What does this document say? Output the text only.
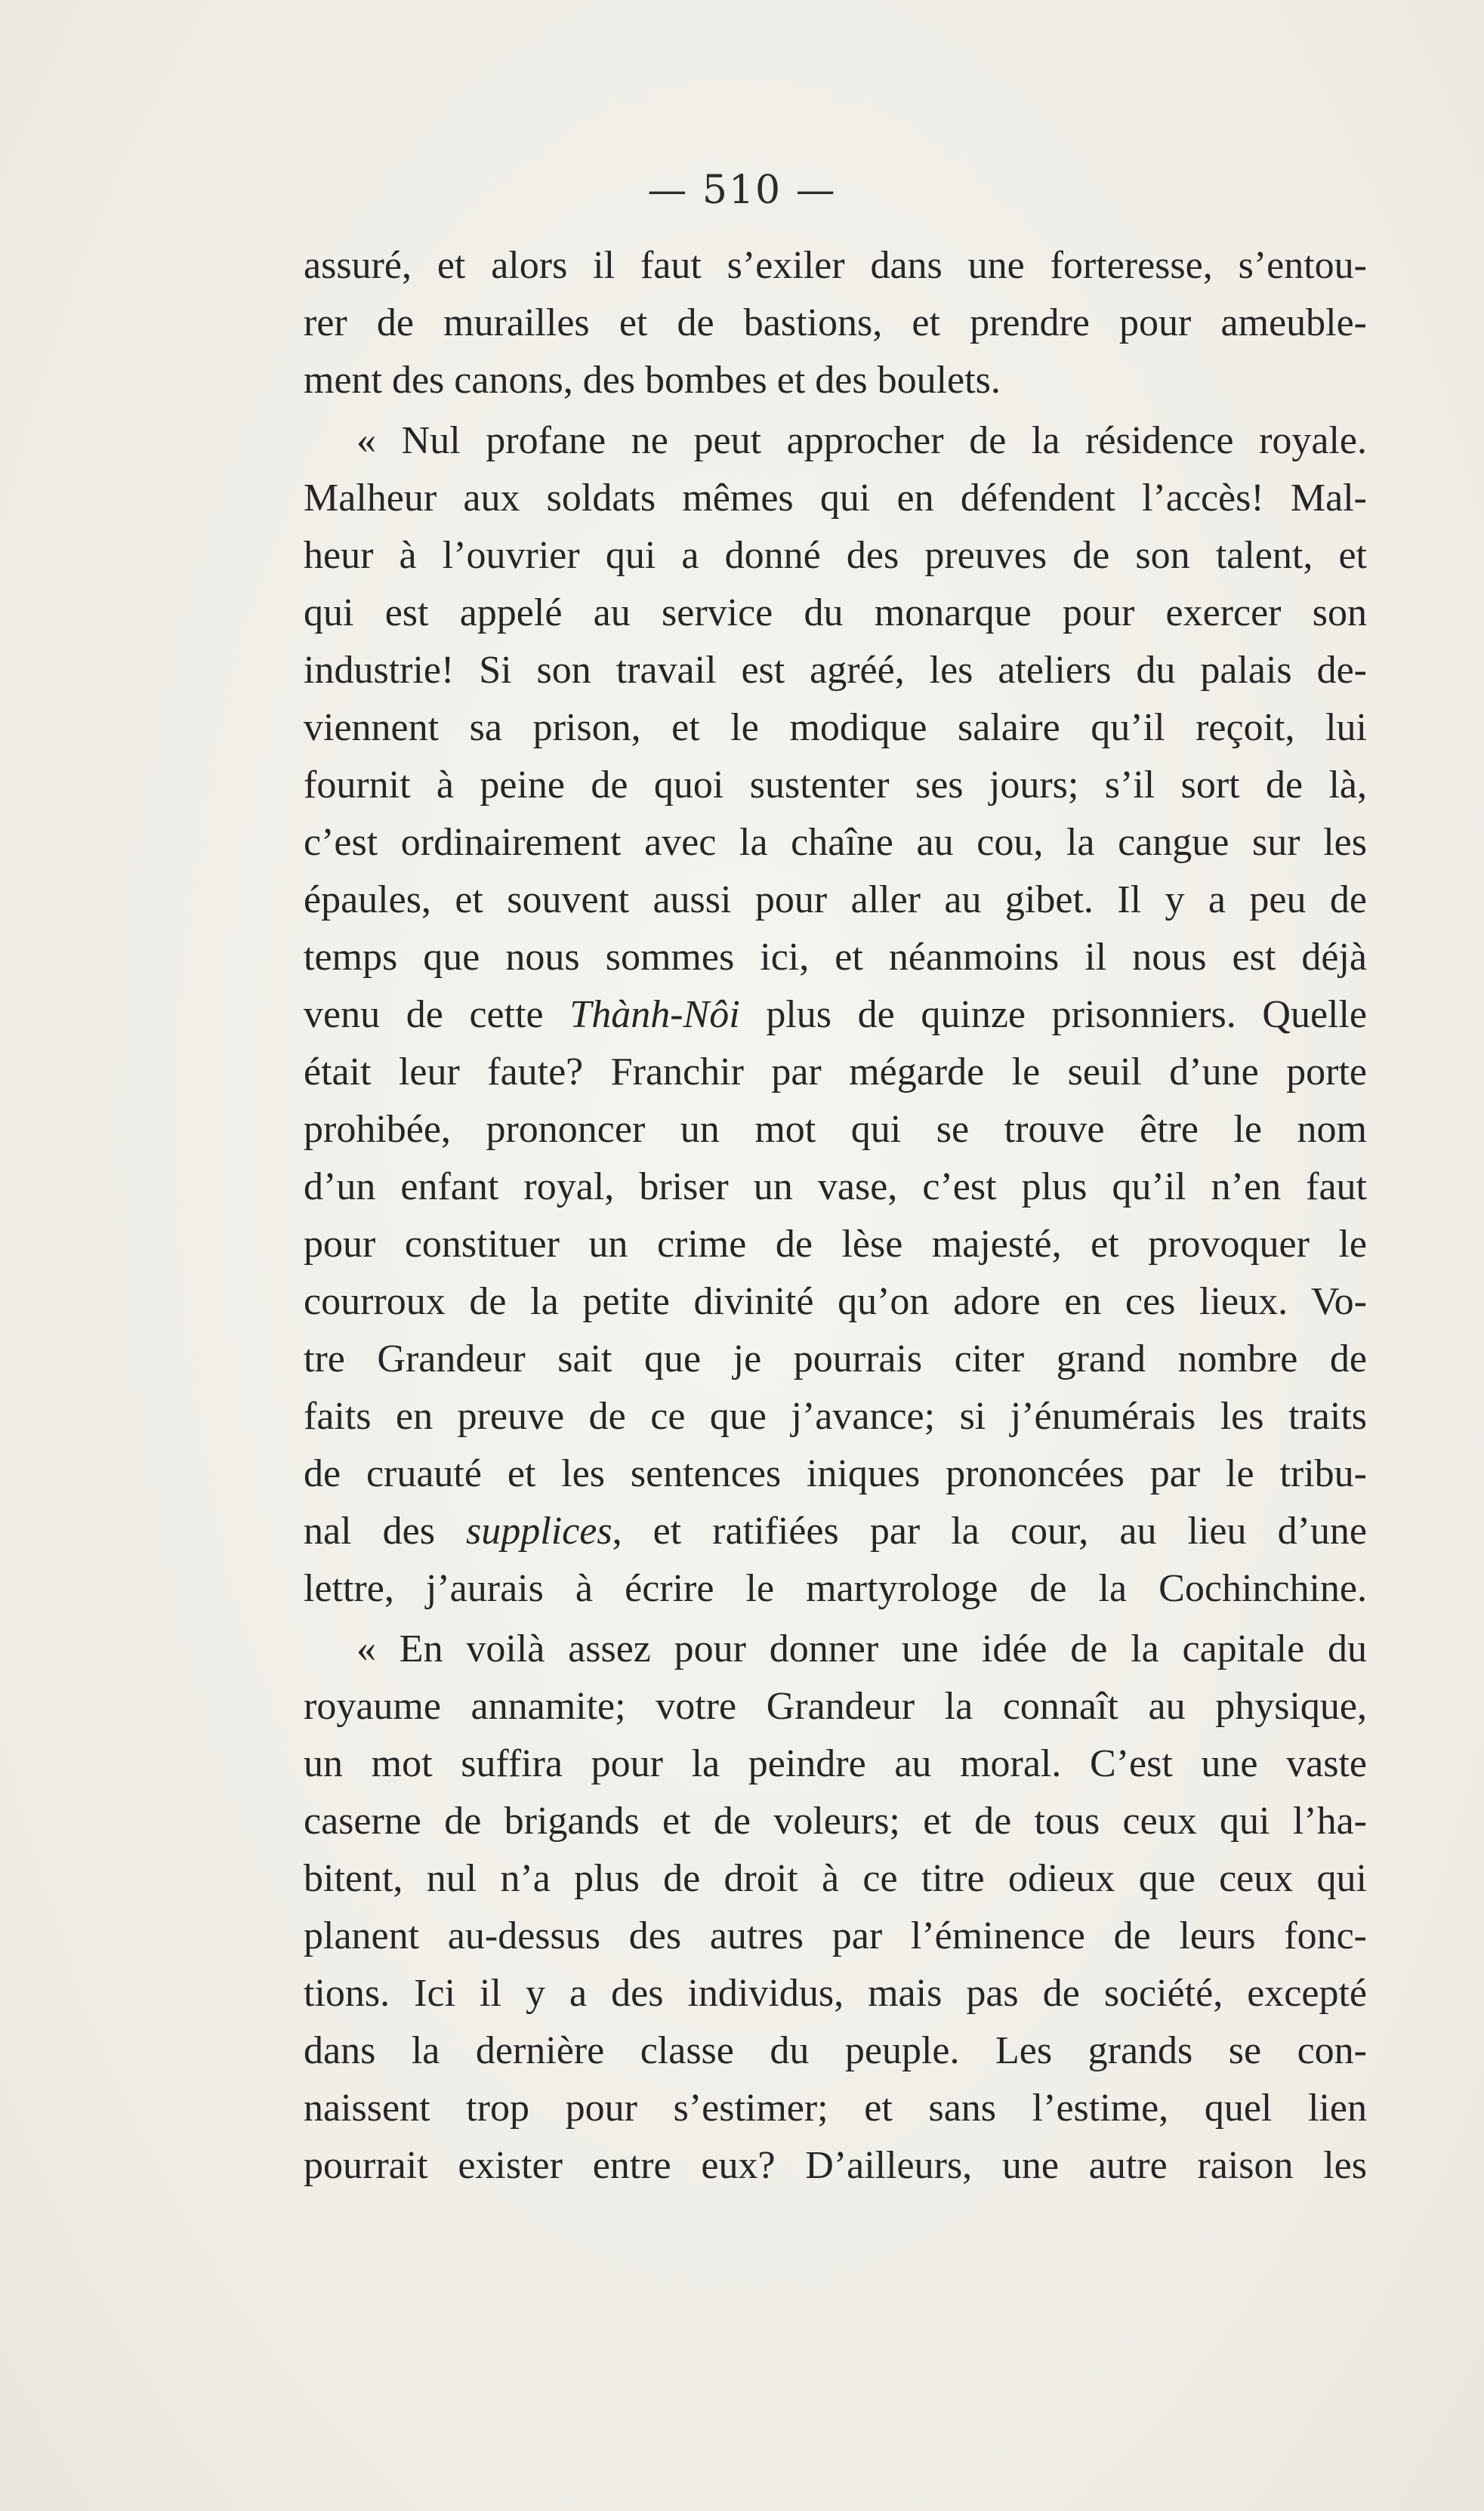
— 510 —
assuré, et alors il faut s’exiler dans une forteresse, s’entou-
rer de murailles et de bastions, et prendre pour ameuble-
ment des canons, des bombes et des boulets.
« Nul profane ne peut approcher de la résidence royale.
Malheur aux soldats mêmes qui en défendent l’accès! Mal-
heur à l’ouvrier qui a donné des preuves de son talent, et
qui est appelé au service du monarque pour exercer son
industrie! Si son travail est agréé, les ateliers du palais de-
viennent sa prison, et le modique salaire qu’il reçoit, lui
fournit à peine de quoi sustenter ses jours; s’il sort de là,
c’est ordinairement avec la chaîne au cou, la cangue sur les
épaules, et souvent aussi pour aller au gibet. Il y a peu de
temps que nous sommes ici, et néanmoins il nous est déjà
venu de cette Thành-Nôi plus de quinze prisonniers. Quelle
était leur faute? Franchir par mégarde le seuil d’une porte
prohibée, prononcer un mot qui se trouve être le nom
d’un enfant royal, briser un vase, c’est plus qu’il n’en faut
pour constituer un crime de lèse majesté, et provoquer le
courroux de la petite divinité qu’on adore en ces lieux. Vo-
tre Grandeur sait que je pourrais citer grand nombre de
faits en preuve de ce que j’avance; si j’énumérais les traits
de cruauté et les sentences iniques prononcées par le tribu-
nal des supplices, et ratifiées par la cour, au lieu d’une
lettre, j’aurais à écrire le martyrologe de la Cochinchine.
« En voilà assez pour donner une idée de la capitale du
royaume annamite; votre Grandeur la connaît au physique,
un mot suffira pour la peindre au moral. C’est une vaste
caserne de brigands et de voleurs; et de tous ceux qui l’ha-
bitent, nul n’a plus de droit à ce titre odieux que ceux qui
planent au-dessus des autres par l’éminence de leurs fonc-
tions. Ici il y a des individus, mais pas de société, excepté
dans la dernière classe du peuple. Les grands se con-
naissent trop pour s’estimer; et sans l’estime, quel lien
pourrait exister entre eux? D’ailleurs, une autre raison les
